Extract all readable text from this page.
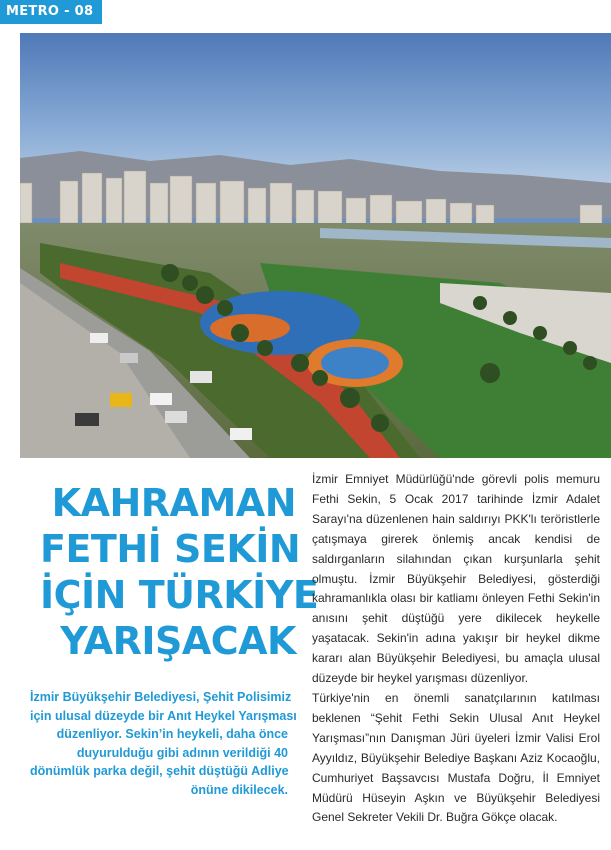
METRO - 08
KAHRAMAN
FETHİ SEKİN
İÇİN TÜRKİYE
YARIŞACAK
İzmir Büyükşehir Belediyesi, Şehit Polisimiz
için ulusal düzeyde bir Anıt Heykel Yarışması
düzenliyor. Sekin’in heykeli, daha önce
duyurulduğu gibi adının verildiği 40
dönümlük parka değil, şehit düştüğü Adliye
önüne dikilecek.

İzmir Emniyet Müdürlüğü'nde görevli polis memuru Fethi Sekin, 5 Ocak 2017 tarihinde İzmir Adalet Sarayı'na düzenlenen hain saldırıyı PKK'lı teröristlerle çatışmaya girerek önlemiş ancak kendisi de saldırganların silahından çıkan kurşunlarla şehit olmuştu. İzmir Büyükşehir Belediyesi, gösterdiği kahramanlıkla olası bir katliamı önleyen Fethi Sekin'in anısını şehit düştüğü yere dikilecek heykelle yaşatacak. Sekin'in adına yakışır bir heykel dikme kararı alan Büyükşehir Belediyesi, bu amaçla ulusal düzeyde bir heykel yarışması düzenliyor.

Türkiye'nin en önemli sanatçılarının katılması beklenen “Şehit Fethi Sekin Ulusal Anıt Heykel Yarışması”nın Danışman Jüri üyeleri İzmir Valisi Erol Ayyıldız, Büyükşehir Belediye Başkanı Aziz Kocaoğlu, Cumhuriyet Başsavcısı Mustafa Doğru, İl Emniyet Müdürü Hüseyin Aşkın ve Büyükşehir Belediyesi Genel Sekreter Vekili Dr. Buğra Gökçe olacak.
